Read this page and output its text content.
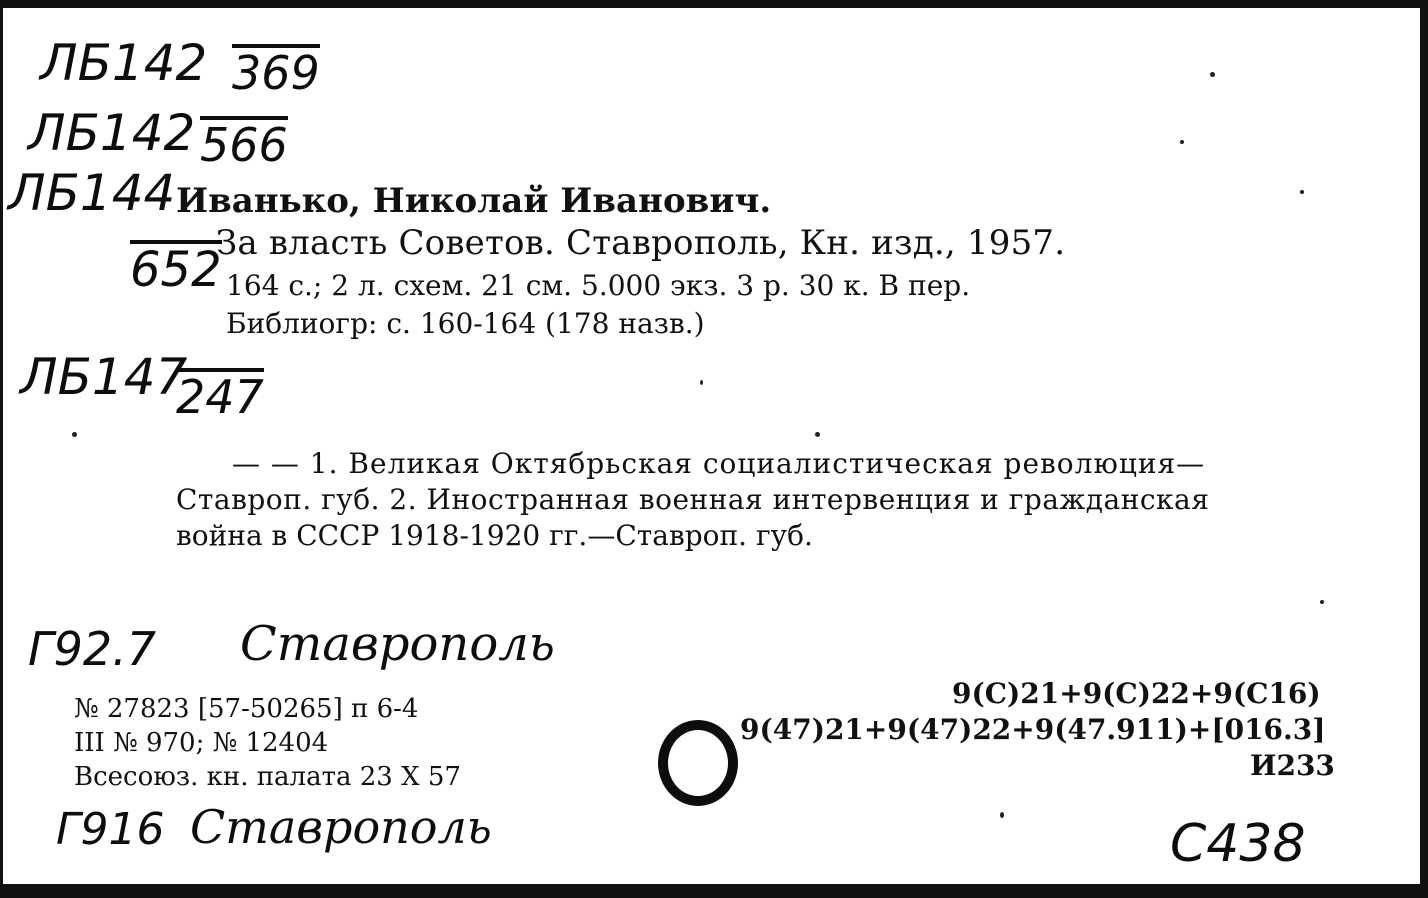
ЛБ142 369
ЛБ142 566
ЛБ144
652
ЛБ147
247
Иванько, Николай Иванович.
За власть Советов. Ставрополь, Кн. изд., 1957.
164 с.; 2 л. схем. 21 см. 5.000 экз. 3 р. 30 к. В пер.
Библиогр: с. 160-164 (178 назв.)
— — 1. Великая Октябрьская социалистическая революция—
Ставроп. губ. 2. Иностранная военная интервенция и гражданская
война в СССР 1918-1920 гг.—Ставроп. губ.
Г92.7 Ставрополь
№ 27823 [57-50265] п 6-4
III № 970; № 12404
Всесоюз. кн. палата 23 X 57
9(С)21+9(С)22+9(С16)
9(47)21+9(47)22+9(47.911)+[016.3]
И233
Г916 Ставрополь	С438
